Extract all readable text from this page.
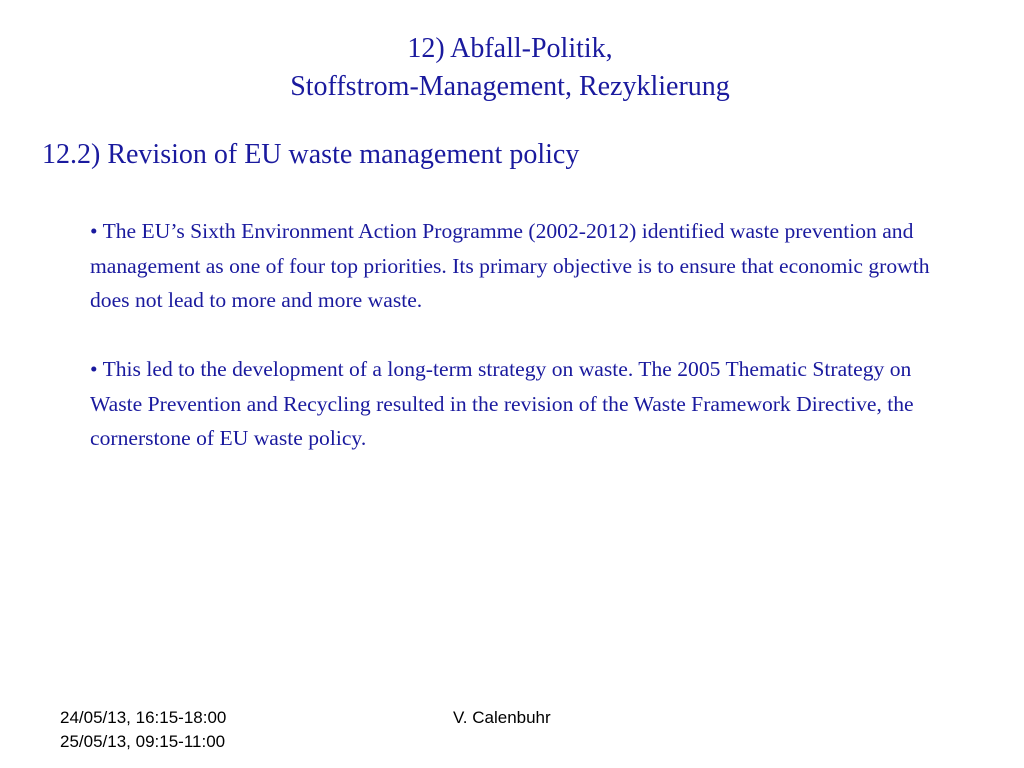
12) Abfall-Politik,
Stoffstrom-Management, Rezyklierung
12.2) Revision of EU waste management policy

• The EU’s Sixth Environment Action Programme (2002-2012) identified waste prevention and management as one of four top priorities. Its primary objective is to ensure that economic growth does not lead to more and more waste.

• This led to the development of a long-term strategy on waste. The 2005 Thematic Strategy on Waste Prevention and Recycling resulted in the revision of the Waste Framework Directive, the cornerstone of EU waste policy.

24/05/13, 16:15-18:00
25/05/13, 09:15-11:00
V. Calenbuhr
